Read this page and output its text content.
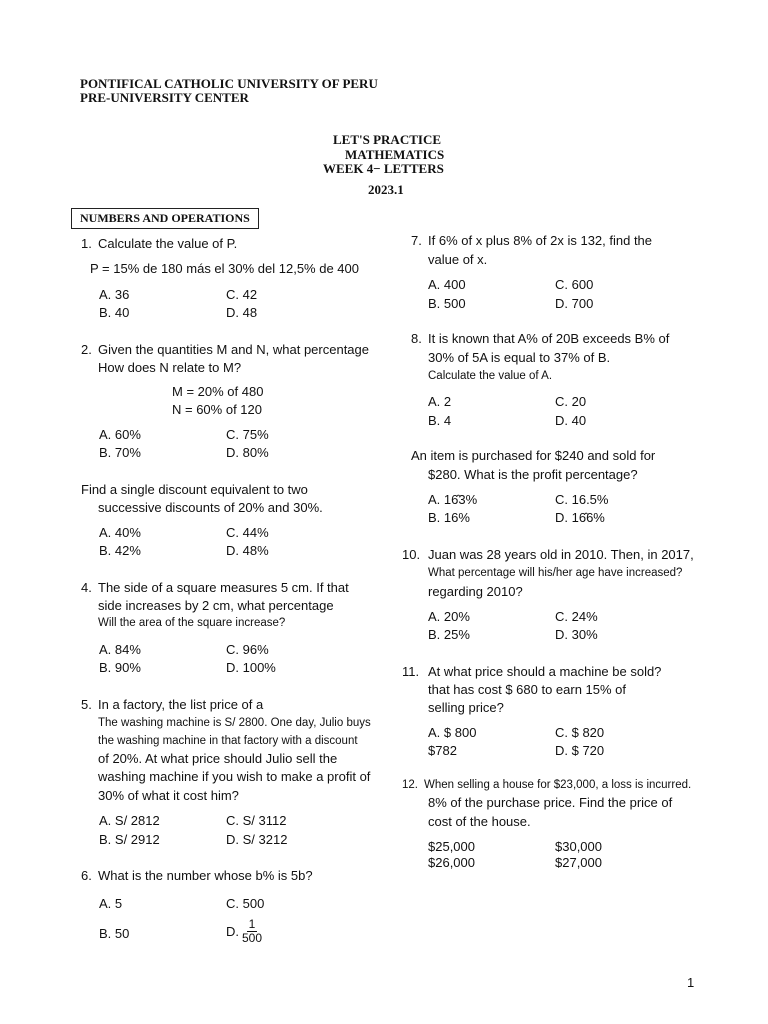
PONTIFICAL CATHOLIC UNIVERSITY OF PERU
PRE-UNIVERSITY CENTER
LET'S PRACTICE
MATHEMATICS
WEEK 4− LETTERS
2023.1
NUMBERS AND OPERATIONS
1. Calculate the value of P.
P = 15% de 180 más el 30% del 12,5% de 400
A. 36	C. 42
B. 40	D. 48
2. Given the quantities M and N, what percentage
How does N relate to M?
M = 20% of 480
N = 60% of 120
A. 60%	C. 75%
B. 70%	D. 80%
Find a single discount equivalent to two
successive discounts of 20% and 30%.
A. 40%	C. 44%
B. 42%	D. 48%
4. The side of a square measures 5 cm. If that
side increases by 2 cm, what percentage
Will the area of the square increase?
A. 84%	C. 96%
B. 90%	D. 100%
5. In a factory, the list price of a
The washing machine is S/ 2800. One day, Julio buys
the washing machine in that factory with a discount
of 20%. At what price should Julio sell the
washing machine if you wish to make a profit of
30% of what it cost him?
A. S/ 2812	C. S/ 3112
B. S/ 2912	D. S/ 3212
6. What is the number whose b% is 5b?
A. 5	C. 500
B. 50	D. $\frac{1}{500}$
7. If 6% of x plus 8% of 2x is 132, find the
value of x.
A. 400	C. 600
B. 500	D. 700
8. It is known that A% of 20B exceeds B% of
30% of 5A is equal to 37% of B.
Calculate the value of A.
A. 2	C. 20
B. 4	D. 40
An item is purchased for $240 and sold for
$280. What is the profit percentage?
A. 16̂3%	C. 16.5%
B. 16%	D. 16̂6%
10. Juan was 28 years old in 2010. Then, in 2017,
What percentage will his/her age have increased?
regarding 2010?
A. 20%	C. 24%
B. 25%	D. 30%
11. At what price should a machine be sold?
that has cost $ 680 to earn 15% of
selling price?
A. $ 800	C. $ 820
$782	D. $ 720
12. When selling a house for $23,000, a loss is incurred.
8% of the purchase price. Find the price of
cost of the house.
$25,000	$30,000
$26,000	$27,000
1
